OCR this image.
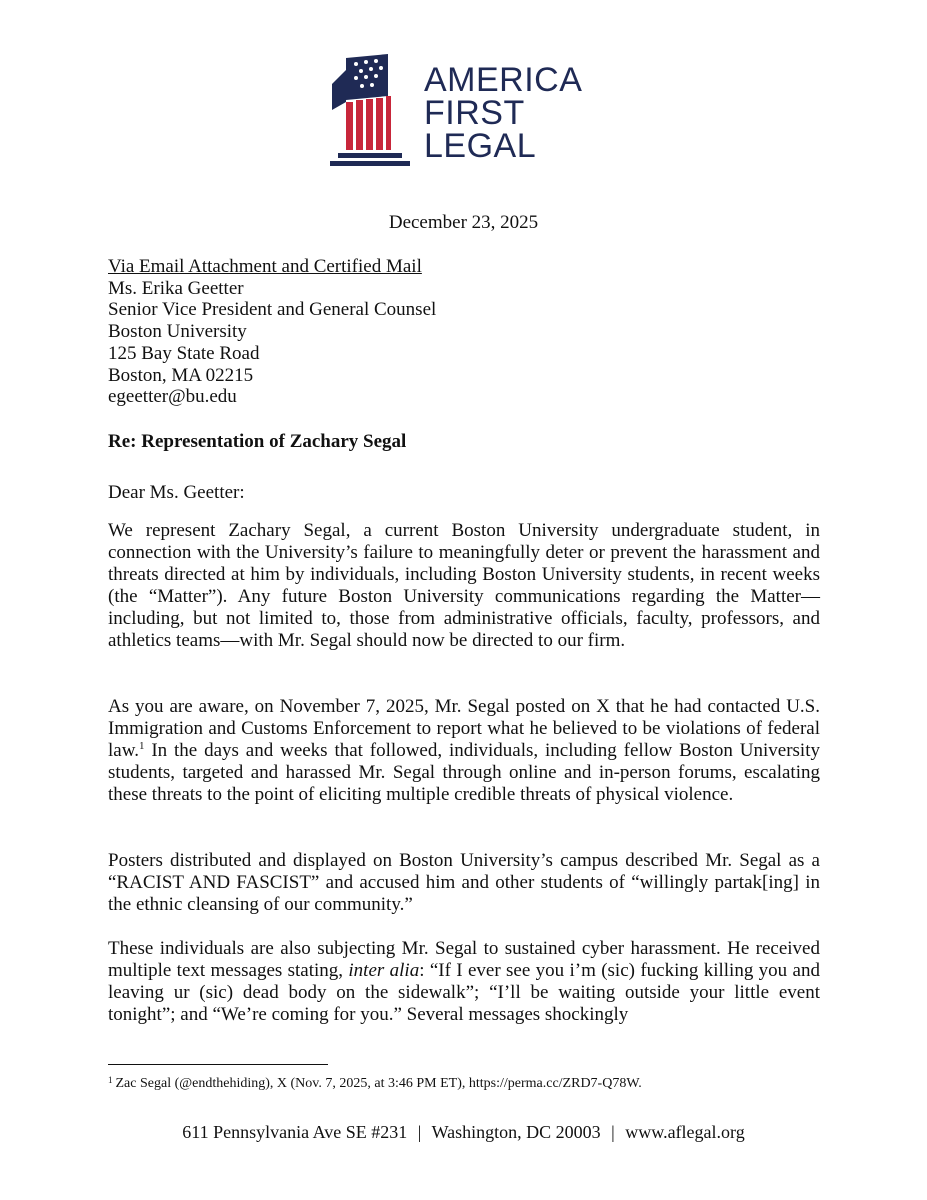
AMERICA
FIRST
LEGAL
December 23, 2025
Via Email Attachment and Certified Mail
Ms. Erika Geetter
Senior Vice President and General Counsel
Boston University
125 Bay State Road
Boston, MA 02215
egeetter@bu.edu
Re: Representation of Zachary Segal
Dear Ms. Geetter:

We represent Zachary Segal, a current Boston University undergraduate student, in connection with the University’s failure to meaningfully deter or prevent the harassment and threats directed at him by individuals, including Boston University students, in recent weeks (the “Matter”). Any future Boston University communications regarding the Matter—including, but not limited to, those from administrative officials, faculty, professors, and athletics teams—with Mr. Segal should now be directed to our firm.

As you are aware, on November 7, 2025, Mr. Segal posted on X that he had contacted U.S. Immigration and Customs Enforcement to report what he believed to be violations of federal law.$^1$ In the days and weeks that followed, individuals, including fellow Boston University students, targeted and harassed Mr. Segal through online and in-person forums, escalating these threats to the point of eliciting multiple credible threats of physical violence.

Posters distributed and displayed on Boston University’s campus described Mr. Segal as a “RACIST AND FASCIST” and accused him and other students of “willingly partak[ing] in the ethnic cleansing of our community.”

These individuals are also subjecting Mr. Segal to sustained cyber harassment. He received multiple text messages stating, inter alia: “If I ever see you i’m (sic) fucking killing you and leaving ur (sic) dead body on the sidewalk”; “I’ll be waiting outside your little event tonight”; and “We’re coming for you.” Several messages shockingly

$^1$ Zac Segal (@endthehiding), X (Nov. 7, 2025, at 3:46 PM ET), https://perma.cc/ZRD7-Q78W.
611 Pennsylvania Ave SE #231 | Washington, DC 20003 | www.aflegal.org
